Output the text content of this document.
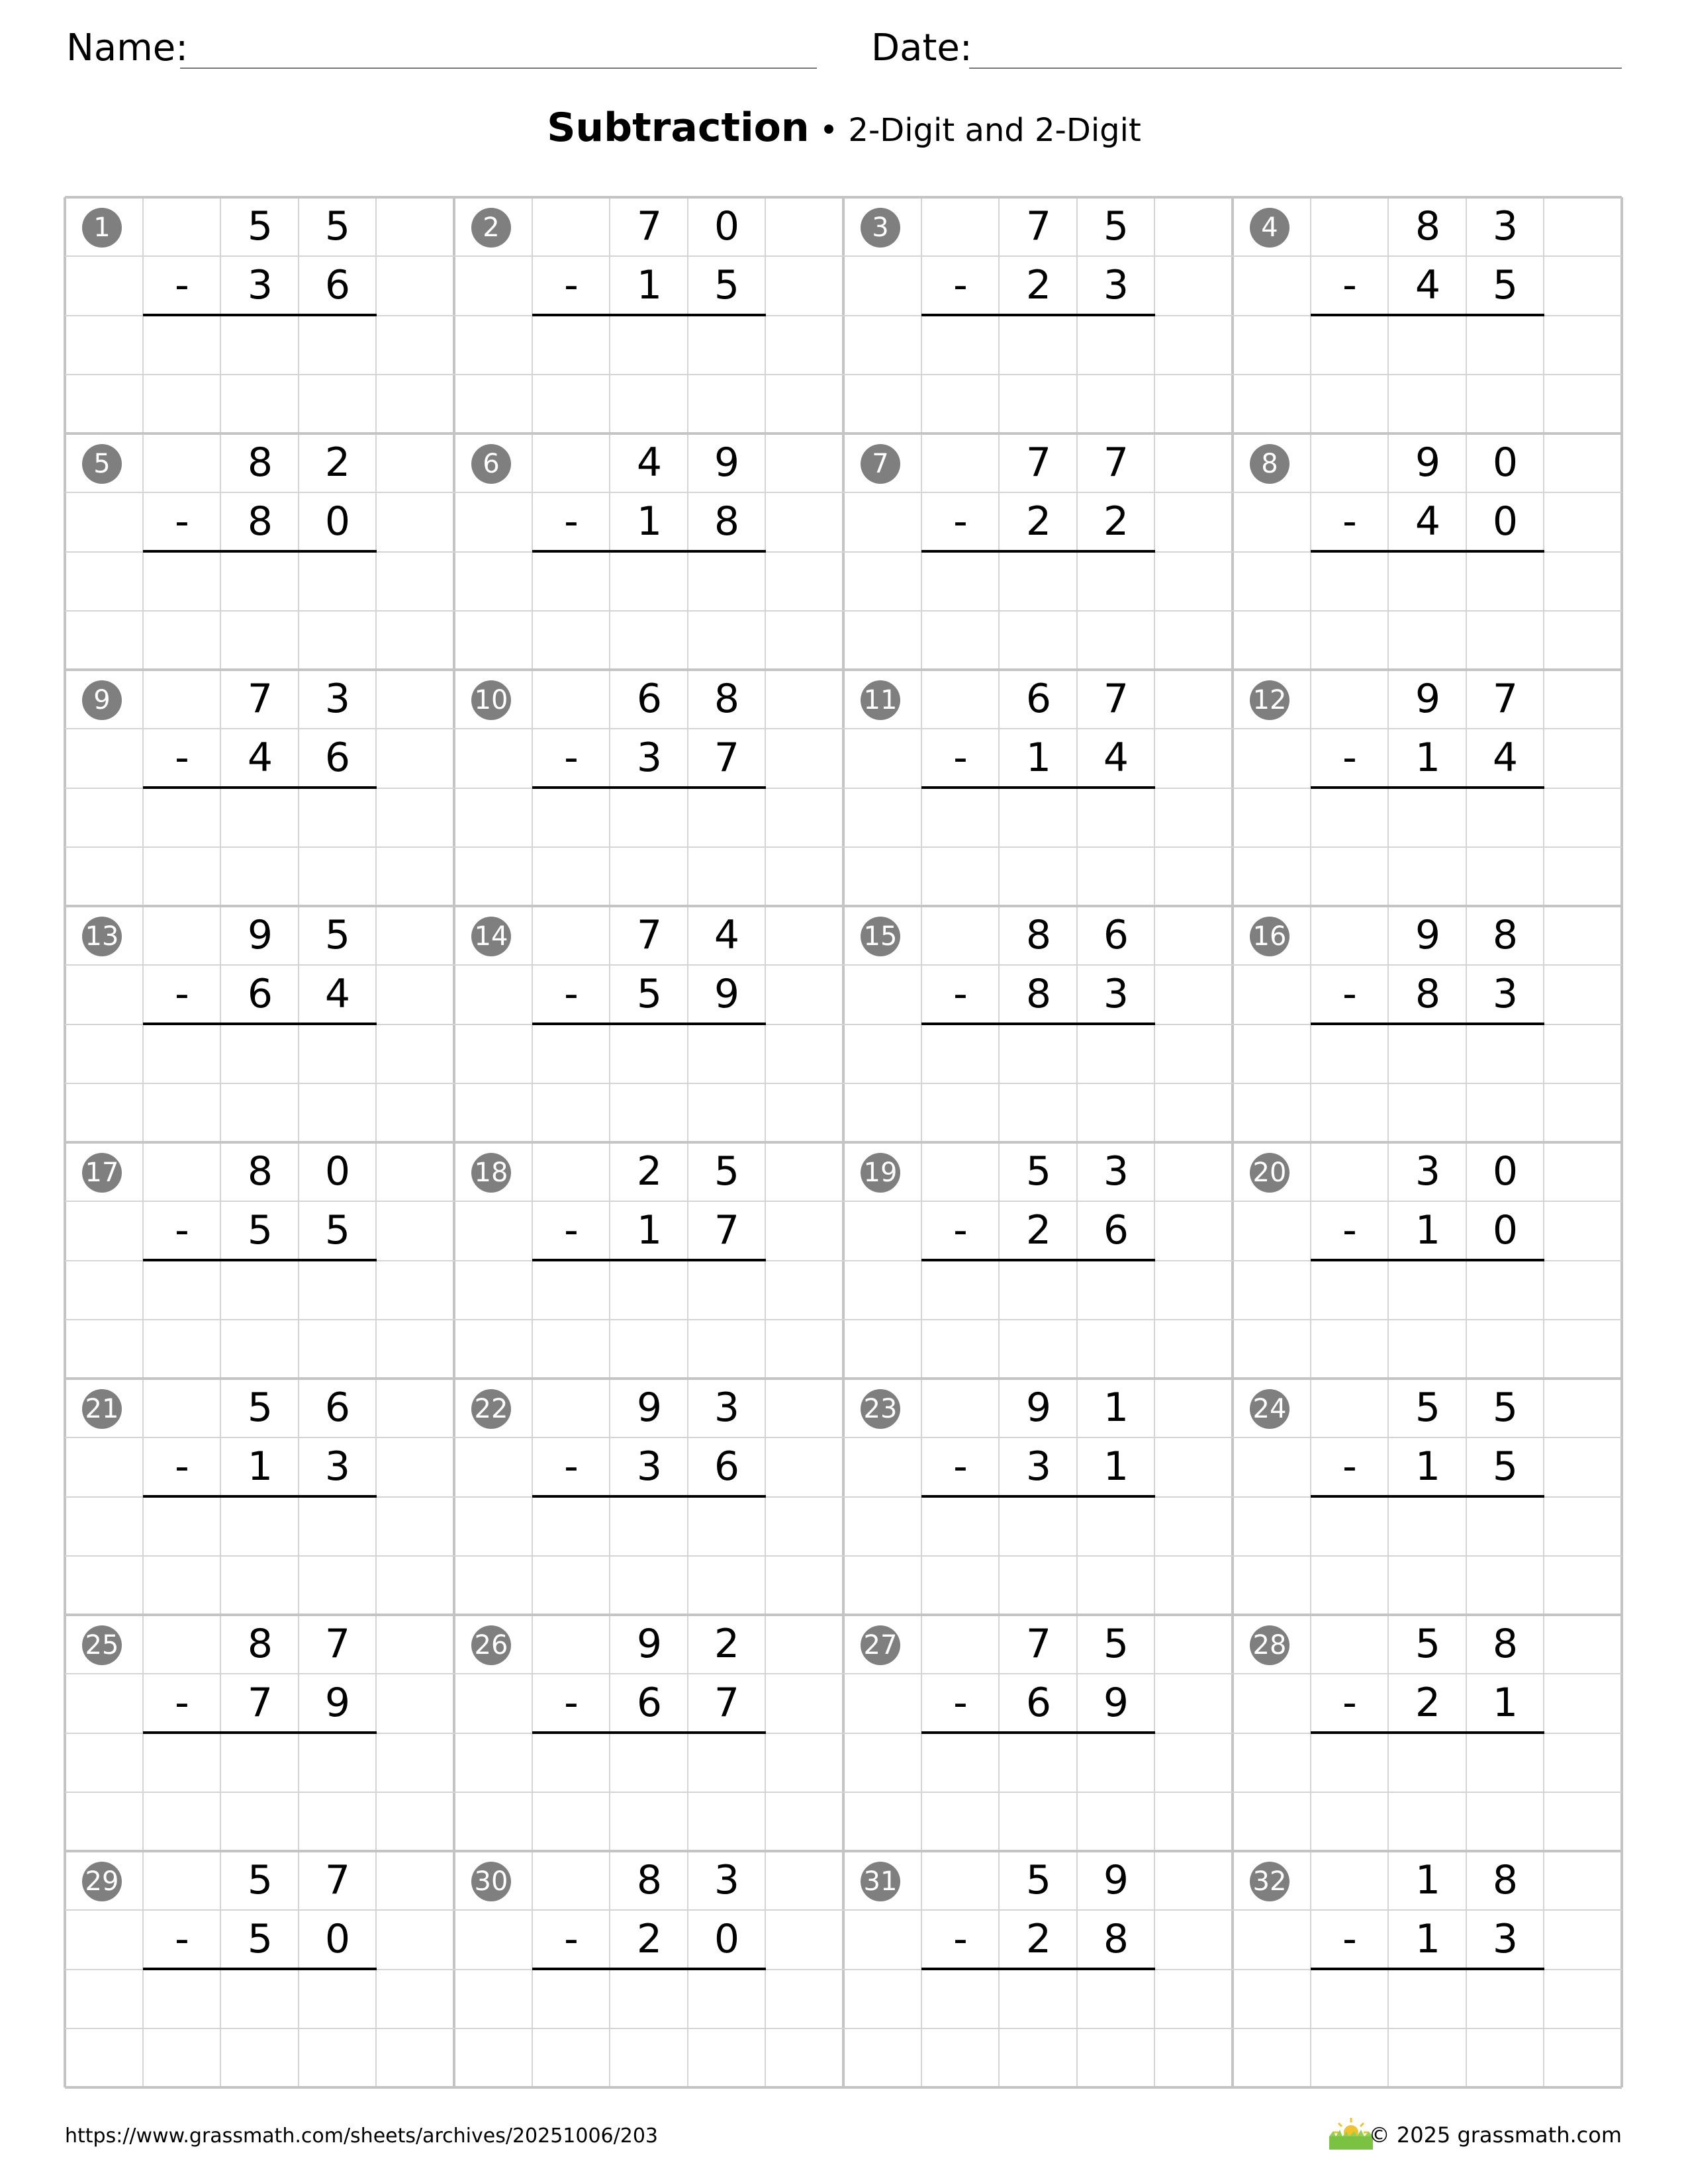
Name:	Date:
Subtraction • 2-Digit and 2-Digit
1	5	5
-	3	6
2	7	0
-	1	5
3	7	5
-	2	3
4	8	3
-	4	5
5	8	2
-	8	0
6	4	9
-	1	8
7	7	7
-	2	2
8	9	0
-	4	0
9	7	3
-	4	6
10	6	8
-	3	7
11	6	7
-	1	4
12	9	7
-	1	4
13	9	5
-	6	4
14	7	4
-	5	9
15	8	6
-	8	3
16	9	8
-	8	3
17	8	0
-	5	5
18	2	5
-	1	7
19	5	3
-	2	6
20	3	0
-	1	0
21	5	6
-	1	3
22	9	3
-	3	6
23	9	1
-	3	1
24	5	5
-	1	5
25	8	7
-	7	9
26	9	2
-	6	7
27	7	5
-	6	9
28	5	8
-	2	1
29	5	7
-	5	0
30	8	3
-	2	0
31	5	9
-	2	8
32	1	8
-	1	3
https://www.grassmath.com/sheets/archives/20251006/203	© 2025 grassmath.com
